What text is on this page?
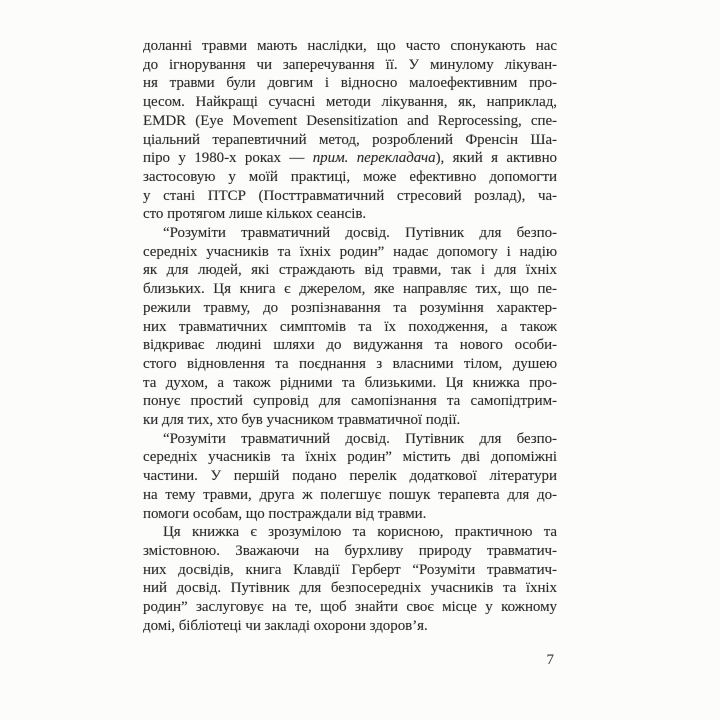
доланні травми мають наслідки, що часто спонукають нас
до ігнорування чи заперечування її. У минулому лікуван-
ня травми були довгим і відносно малоефективним про-
цесом. Найкращі сучасні методи лікування, як, наприклад,
EMDR (Eye Movement Desensitization and Reprocessing, спе-
ціальний терапевтичний метод, розроблений Френсін Ша-
піро у 1980-х роках — прим. перекладача), який я активно
застосовую у моїй практиці, може ефективно допомогти
у стані ПТСР (Посттравматичний стресовий розлад), ча-
сто протягом лише кількох сеансів.
“Розуміти травматичний досвід. Путівник для безпо-
середніх учасників та їхніх родин” надає допомогу і надію
як для людей, які страждають від травми, так і для їхніх
близьких. Ця книга є джерелом, яке направляє тих, що пе-
режили травму, до розпізнавання та розуміння характер-
них травматичних симптомів та їх походження, а також
відкриває людині шляхи до видужання та нового особи-
стого відновлення та поєднання з власними тілом, душею
та духом, а також рідними та близькими. Ця книжка про-
понує простий супровід для самопізнання та самопідтрим-
ки для тих, хто був учасником травматичної події.
“Розуміти травматичний досвід. Путівник для безпо-
середніх учасників та їхніх родин” містить дві допоміжні
частини. У першій подано перелік додаткової літератури
на тему травми, друга ж полегшує пошук терапевта для до-
помоги особам, що постраждали від травми.
Ця книжка є зрозумілою та корисною, практичною та
змістовною. Зважаючи на бурхливу природу травматич-
них досвідів, книга Клавдії Герберт “Розуміти травматич-
ний досвід. Путівник для безпосередніх учасників та їхніх
родин” заслуговує на те, щоб знайти своє місце у кожному
домі, бібліотеці чи закладі охорони здоров’я.
7
